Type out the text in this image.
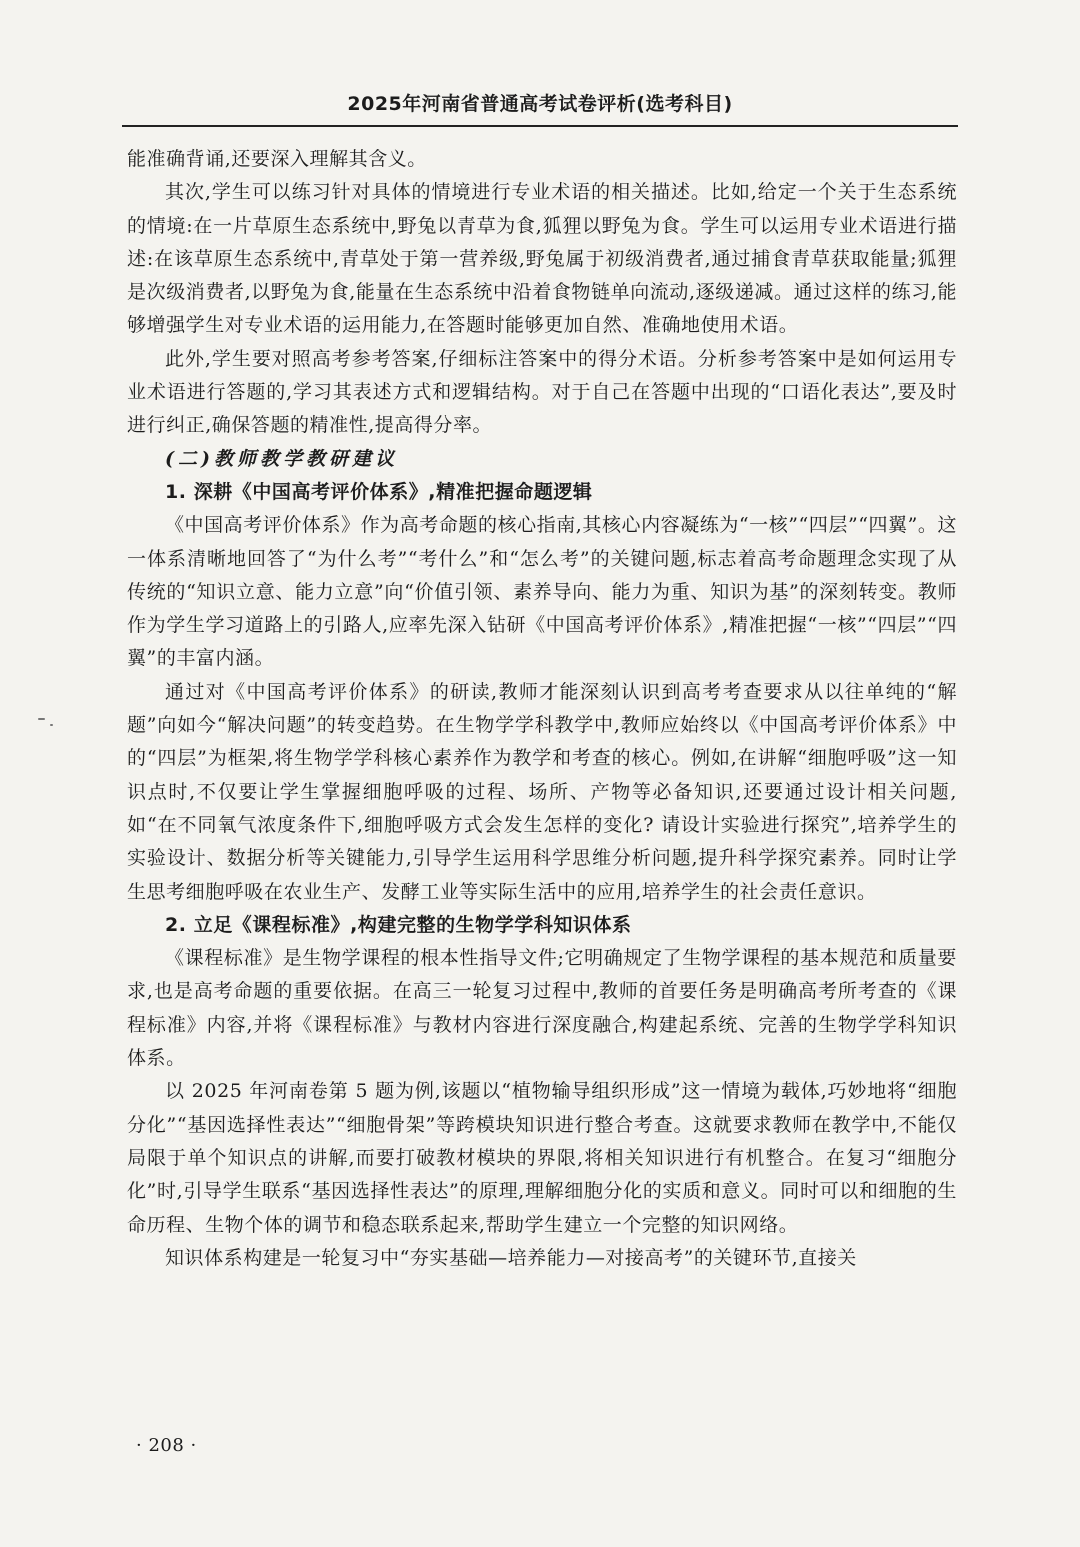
2025年河南省普通高考试卷评析(选考科目)

能准确背诵,还要深入理解其含义。

其次,学生可以练习针对具体的情境进行专业术语的相关描述。比如,给定一个关于生态系统的情境:在一片草原生态系统中,野兔以青草为食,狐狸以野兔为食。学生可以运用专业术语进行描述:在该草原生态系统中,青草处于第一营养级,野兔属于初级消费者,通过捕食青草获取能量;狐狸是次级消费者,以野兔为食,能量在生态系统中沿着食物链单向流动,逐级递减。通过这样的练习,能够增强学生对专业术语的运用能力,在答题时能够更加自然、准确地使用术语。

此外,学生要对照高考参考答案,仔细标注答案中的得分术语。分析参考答案中是如何运用专业术语进行答题的,学习其表述方式和逻辑结构。对于自己在答题中出现的“口语化表达”,要及时进行纠正,确保答题的精准性,提高得分率。

(二)教师教学教研建议

1. 深耕《中国高考评价体系》,精准把握命题逻辑

《中国高考评价体系》作为高考命题的核心指南,其核心内容凝练为“一核”“四层”“四翼”。这一体系清晰地回答了“为什么考”“考什么”和“怎么考”的关键问题,标志着高考命题理念实现了从传统的“知识立意、能力立意”向“价值引领、素养导向、能力为重、知识为基”的深刻转变。教师作为学生学习道路上的引路人,应率先深入钻研《中国高考评价体系》,精准把握“一核”“四层”“四翼”的丰富内涵。

通过对《中国高考评价体系》的研读,教师才能深刻认识到高考考查要求从以往单纯的“解题”向如今“解决问题”的转变趋势。在生物学学科教学中,教师应始终以《中国高考评价体系》中的“四层”为框架,将生物学学科核心素养作为教学和考查的核心。例如,在讲解“细胞呼吸”这一知识点时,不仅要让学生掌握细胞呼吸的过程、场所、产物等必备知识,还要通过设计相关问题,如“在不同氧气浓度条件下,细胞呼吸方式会发生怎样的变化? 请设计实验进行探究”,培养学生的实验设计、数据分析等关键能力,引导学生运用科学思维分析问题,提升科学探究素养。同时让学生思考细胞呼吸在农业生产、发酵工业等实际生活中的应用,培养学生的社会责任意识。

2. 立足《课程标准》,构建完整的生物学学科知识体系

《课程标准》是生物学课程的根本性指导文件;它明确规定了生物学课程的基本规范和质量要求,也是高考命题的重要依据。在高三一轮复习过程中,教师的首要任务是明确高考所考查的《课程标准》内容,并将《课程标准》与教材内容进行深度融合,构建起系统、完善的生物学学科知识体系。

以 2025 年河南卷第 5 题为例,该题以“植物输导组织形成”这一情境为载体,巧妙地将“细胞分化”“基因选择性表达”“细胞骨架”等跨模块知识进行整合考查。这就要求教师在教学中,不能仅局限于单个知识点的讲解,而要打破教材模块的界限,将相关知识进行有机整合。在复习“细胞分化”时,引导学生联系“基因选择性表达”的原理,理解细胞分化的实质和意义。同时可以和细胞的生命历程、生物个体的调节和稳态联系起来,帮助学生建立一个完整的知识网络。

知识体系构建是一轮复习中“夯实基础—培养能力—对接高考”的关键环节,直接关

· 208 ·
